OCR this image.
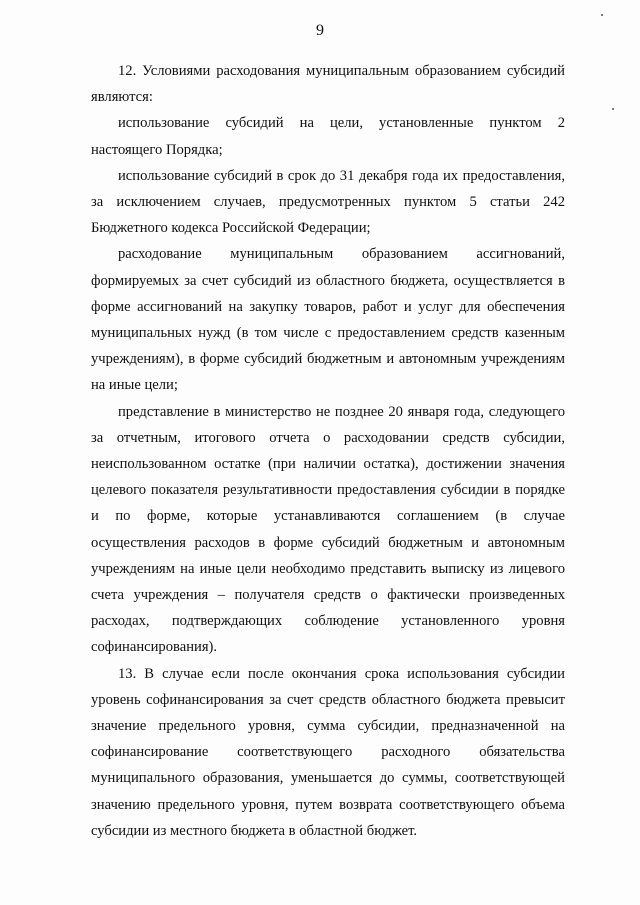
9

12. Условиями расходования муниципальным образованием субсидий являются:

использование субсидий на цели, установленные пунктом 2 настоящего Порядка;

использование субсидий в срок до 31 декабря года их предоставления, за исключением случаев, предусмотренных пунктом 5 статьи 242 Бюджетного кодекса Российской Федерации;

расходование муниципальным образованием ассигнований, формируемых за счет субсидий из областного бюджета, осуществляется в форме ассигнований на закупку товаров, работ и услуг для обеспечения муниципальных нужд (в том числе с предоставлением средств казенным учреждениям), в форме субсидий бюджетным и автономным учреждениям на иные цели;

представление в министерство не позднее 20 января года, следующего за отчетным, итогового отчета о расходовании средств субсидии, неиспользованном остатке (при наличии остатка), достижении значения целевого показателя результативности предоставления субсидии в порядке и по форме, которые устанавливаются соглашением (в случае осуществления расходов в форме субсидий бюджетным и автономным учреждениям на иные цели необходимо представить выписку из лицевого счета учреждения – получателя средств о фактически произведенных расходах, подтверждающих соблюдение установленного уровня софинансирования).

13. В случае если после окончания срока использования субсидии уровень софинансирования за счет средств областного бюджета превысит значение предельного уровня, сумма субсидии, предназначенной на софинансирование соответствующего расходного обязательства муниципального образования, уменьшается до суммы, соответствующей значению предельного уровня, путем возврата соответствующего объема субсидии из местного бюджета в областной бюджет.
